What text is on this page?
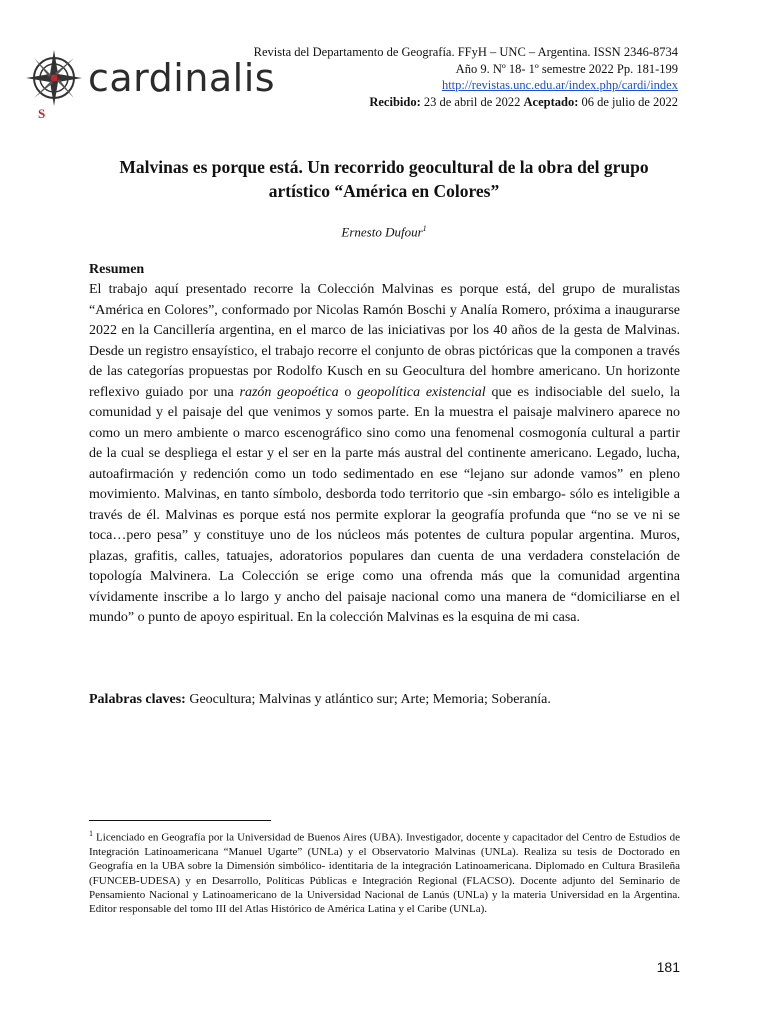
cardinalis
S
Revista del Departamento de Geografía. FFyH – UNC – Argentina. ISSN 2346-8734
Año 9. Nº 18- 1º semestre 2022 Pp. 181-199
http://revistas.unc.edu.ar/index.php/cardi/index
Recibido: 23 de abril de 2022 Aceptado: 06 de julio de 2022
Malvinas es porque está. Un recorrido geocultural de la obra del grupo
artístico “América en Colores”
Ernesto Dufour$^1$
Resumen
El trabajo aquí presentado recorre la Colección Malvinas es porque está, del grupo de muralistas “América en Colores”, conformado por Nicolas Ramón Boschi y Analía Romero, próxima a inaugurarse 2022 en la Cancillería argentina, en el marco de las iniciativas por los 40 años de la gesta de Malvinas. Desde un registro ensayístico, el trabajo recorre el conjunto de obras pictóricas que la componen a través de las categorías propuestas por Rodolfo Kusch en su Geocultura del hombre americano. Un horizonte reflexivo guiado por una razón geopoética o geopolítica existencial que es indisociable del suelo, la comunidad y el paisaje del que venimos y somos parte. En la muestra el paisaje malvinero aparece no como un mero ambiente o marco escenográfico sino como una fenomenal cosmogonía cultural a partir de la cual se despliega el estar y el ser en la parte más austral del continente americano. Legado, lucha, autoafirmación y redención como un todo sedimentado en ese “lejano sur adonde vamos” en pleno movimiento. Malvinas, en tanto símbolo, desborda todo territorio que -sin embargo- sólo es inteligible a través de él. Malvinas es porque está nos permite explorar la geografía profunda que “no se ve ni se toca…pero pesa” y constituye uno de los núcleos más potentes de cultura popular argentina. Muros, plazas, grafitis, calles, tatuajes, adoratorios populares dan cuenta de una verdadera constelación de topología Malvinera. La Colección se erige como una ofrenda más que la comunidad argentina vívidamente inscribe a lo largo y ancho del paisaje nacional como una manera de “domiciliarse en el mundo” o punto de apoyo espiritual. En la colección Malvinas es la esquina de mi casa.
Palabras claves: Geocultura; Malvinas y atlántico sur; Arte; Memoria; Soberanía.
$^1$ Licenciado en Geografía por la Universidad de Buenos Aires (UBA). Investigador, docente y capacitador del Centro de Estudios de Integración Latinoamericana “Manuel Ugarte” (UNLa) y el Observatorio Malvinas (UNLa). Realiza su tesis de Doctorado en Geografía en la UBA sobre la Dimensión simbólico- identitaria de la integración Latinoamericana. Diplomado en Cultura Brasileña (FUNCEB-UDESA) y en Desarrollo, Políticas Públicas e Integración Regional (FLACSO). Docente adjunto del Seminario de Pensamiento Nacional y Latinoamericano de la Universidad Nacional de Lanús (UNLa) y la materia Universidad en la Argentina. Editor responsable del tomo III del Atlas Histórico de América Latina y el Caribe (UNLa).
181
